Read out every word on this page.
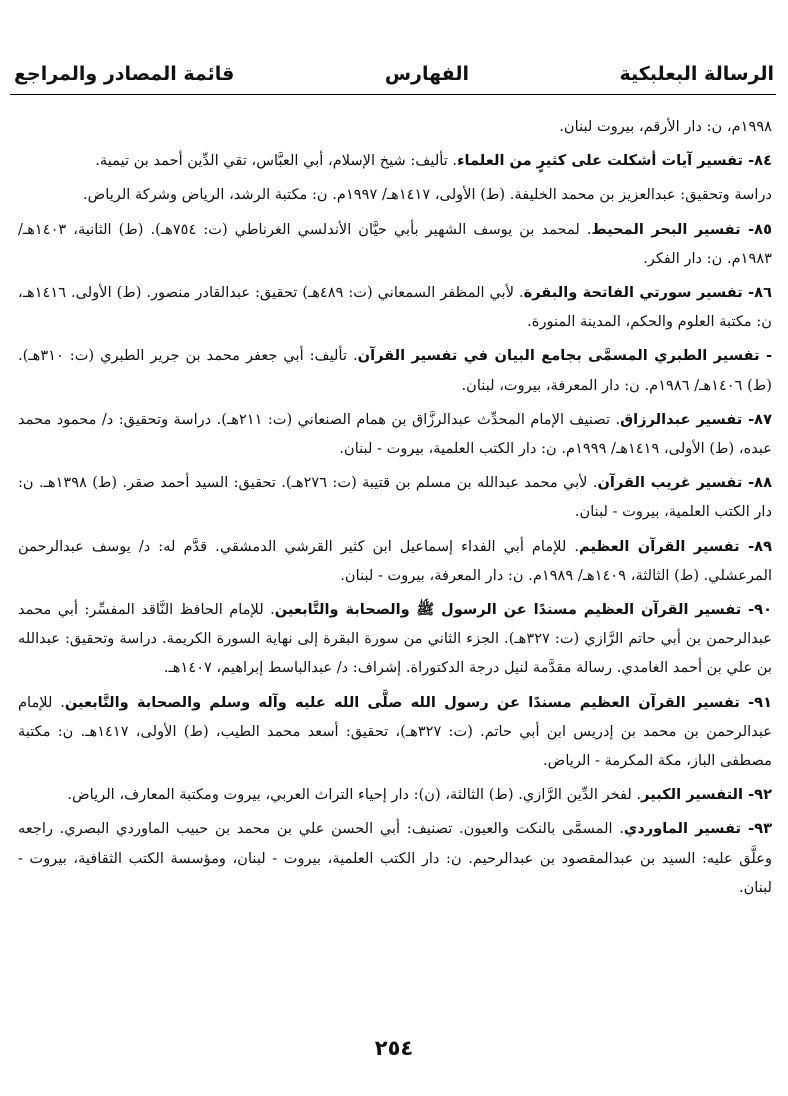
الرسالة البعلبكية
الفهارس
قائمة المصادر والمراجع

١٩٩٨م، ن: دار الأرقم، بيروت لبنان.

٨٤- تفسير آيات أشكلت على كثيرٍ من العلماء. تأليف: شيخ الإسلام، أبي العبَّاس، تقي الدِّين أحمد بن تيمية.

دراسة وتحقيق: عبدالعزيز بن محمد الخليفة. (ط) الأولى، ١٤١٧هـ/ ١٩٩٧م. ن: مكتبة الرشد، الرياض وشركة الرياض.

٨٥- تفسير البحر المحيط. لمحمد بن يوسف الشهير بأبي حيَّان الأندلسي الغرناطي (ت: ٧٥٤هـ). (ط) الثانية، ١٤٠٣هـ/ ١٩٨٣م. ن: دار الفكر.

٨٦- تفسير سورتي الفاتحة والبقرة. لأبي المظفر السمعاني (ت: ٤٨٩هـ) تحقيق: عبدالقادر منصور. (ط) الأولى. ١٤١٦هـ، ن: مكتبة العلوم والحكم، المدينة المنورة.

- تفسير الطبري المسمَّى بجامع البيان في تفسير القرآن. تأليف: أبي جعفر محمد بن جرير الطبري (ت: ٣١٠هـ). (ط) ١٤٠٦هـ/ ١٩٨٦م. ن: دار المعرفة، بيروت، لبنان.

٨٧- تفسير عبدالرزاق. تصنيف الإمام المحدِّث عبدالرزَّاق بن همام الصنعاني (ت: ٢١١هـ). دراسة وتحقيق: د/ محمود محمد عبده، (ط) الأولى، ١٤١٩هـ/ ١٩٩٩م. ن: دار الكتب العلمية، بيروت - لبنان.

٨٨- تفسير غريب القرآن. لأبي محمد عبدالله بن مسلم بن قتيبة (ت: ٢٧٦هـ). تحقيق: السيد أحمد صقر. (ط) ١٣٩٨هـ. ن: دار الكتب العلمية، بيروت - لبنان.

٨٩- تفسير القرآن العظيم. للإمام أبي الفداء إسماعيل ابن كثير القرشي الدمشقي. قدَّم له: د/ يوسف عبدالرحمن المرعشلي. (ط) الثالثة، ١٤٠٩هـ/ ١٩٨٩م. ن: دار المعرفة، بيروت - لبنان.

٩٠- تفسير القرآن العظيم مسندًا عن الرسول ﷺ والصحابة والتَّابعين. للإمام الحافظ النَّاقد المفسِّر: أبي محمد عبدالرحمن بن أبي حاتم الرَّازي (ت: ٣٢٧هـ). الجزء الثاني من سورة البقرة إلى نهاية السورة الكريمة. دراسة وتحقيق: عبدالله بن علي بن أحمد الغامدي. رسالة مقدَّمة لنيل درجة الدكتوراة. إشراف: د/ عبدالباسط إبراهيم، ١٤٠٧هـ.

٩١- تفسير القرآن العظيم مسندًا عن رسول الله صلَّى الله عليه وآله وسلم والصحابة والتَّابعين. للإمام عبدالرحمن بن محمد بن إدريس ابن أبي حاتم. (ت: ٣٢٧هـ)، تحقيق: أسعد محمد الطيب، (ط) الأولى، ١٤١٧هـ. ن: مكتبة مصطفى الباز، مكة المكرمة - الرياض.

٩٢- التفسير الكبير. لفخر الدِّين الرَّازي. (ط) الثالثة، (ن): دار إحياء التراث العربي، بيروت ومكتبة المعارف، الرياض.

٩٣- تفسير الماوردي. المسمَّى بالنكت والعيون. تصنيف: أبي الحسن علي بن محمد بن حبيب الماوردي البصري. راجعه وعلَّق عليه: السيد بن عبدالمقصود بن عبدالرحيم. ن: دار الكتب العلمية، بيروت - لبنان، ومؤسسة الكتب الثقافية، بيروت - لبنان.

٢٥٤
